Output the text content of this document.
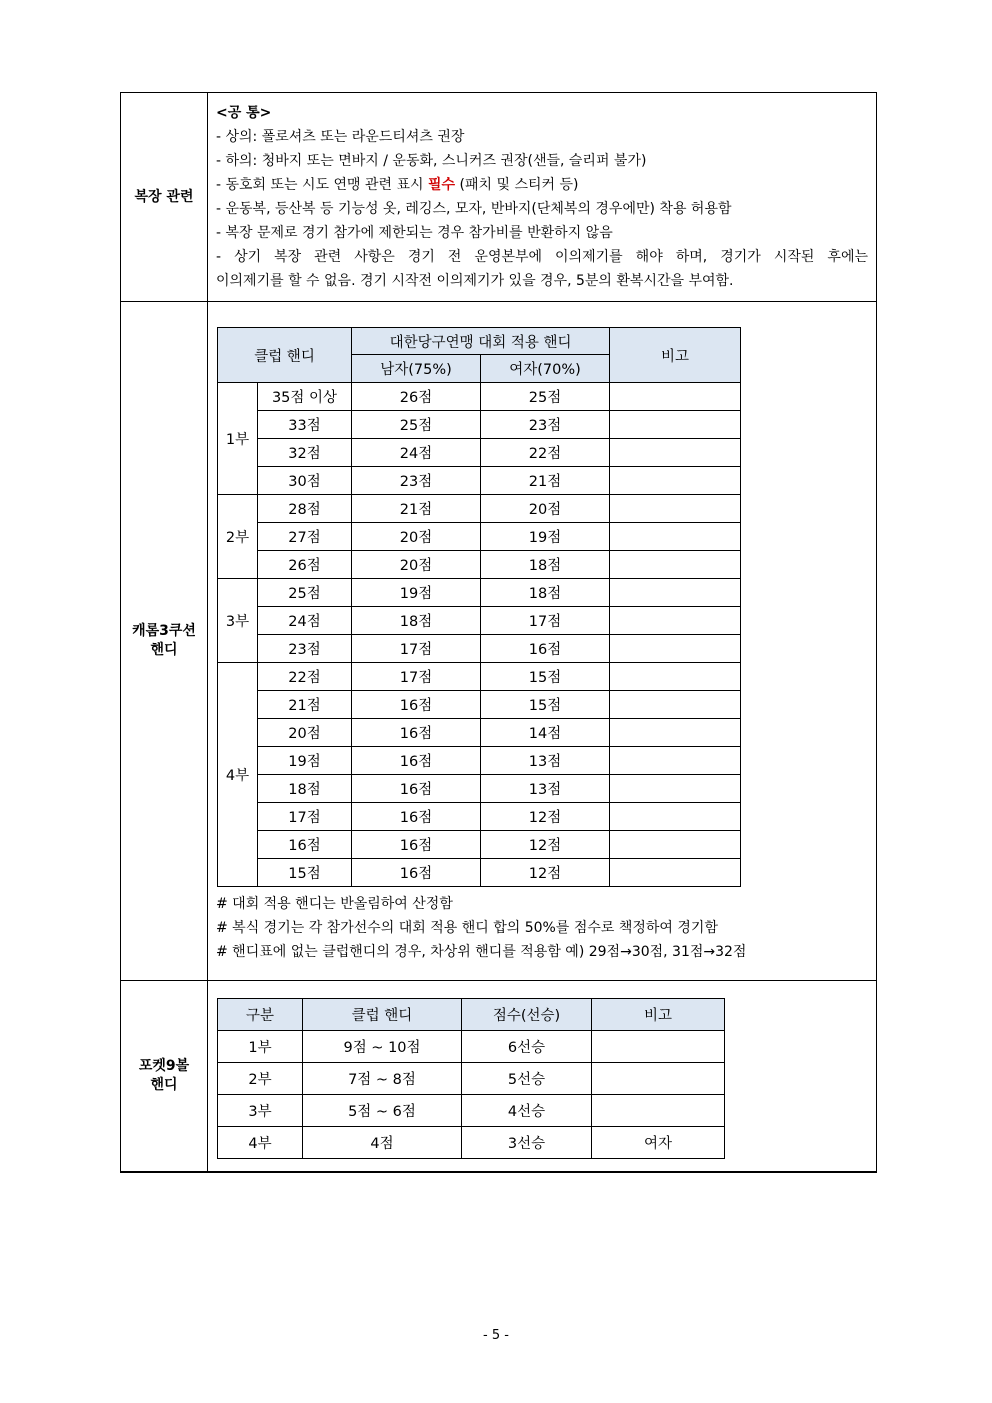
복장 관련	
<공 통>
- 상의: 폴로셔츠 또는 라운드티셔츠 권장
- 하의: 청바지 또는 면바지 / 운동화, 스니커즈 권장(샌들, 슬리퍼 불가)
- 동호회 또는 시도 연맹 관련 표시 필수 (패치 및 스티커 등)
- 운동복, 등산복 등 기능성 옷, 레깅스, 모자, 반바지(단체복의 경우에만) 착용 허용함
- 복장 문제로 경기 참가에 제한되는 경우 참가비를 반환하지 않음
- 상기 복장 관련 사항은 경기 전 운영본부에 이의제기를 해야 하며, 경기가 시작된 후에는
이의제기를 할 수 없음. 경기 시작전 이의제기가 있을 경우, 5분의 환복시간을 부여함.

캐롬3쿠션
핸디

클럽 핸디	대한당구연맹 대회 적용 핸디	비고
남자(75%)	여자(70%)
1부	35점 이상	26점	25점	
33점	25점	23점	
32점	24점	22점	
30점	23점	21점	
2부	28점	21점	20점	
27점	20점	19점	
26점	20점	18점	
3부	25점	19점	18점	
24점	18점	17점	
23점	17점	16점	
4부	22점	17점	15점	
21점	16점	15점	
20점	16점	14점	
19점	16점	13점	
18점	16점	13점	
17점	16점	12점	
16점	16점	12점	
15점	16점	12점	
# 대회 적용 핸디는 반올림하여 산정함
# 복식 경기는 각 참가선수의 대회 적용 핸디 합의 50%를 점수로 책정하여 경기함
# 핸디표에 없는 클럽핸디의 경우, 차상위 핸디를 적용함 예) 29점→30점, 31점→32점

포켓9볼
핸디

구분	클럽 핸디	점수(선승)	비고
1부	9점 ~ 10점	6선승	
2부	7점 ~ 8점	5선승	
3부	5점 ~ 6점	4선승	
4부	4점	3선승	여자
- 5 -
